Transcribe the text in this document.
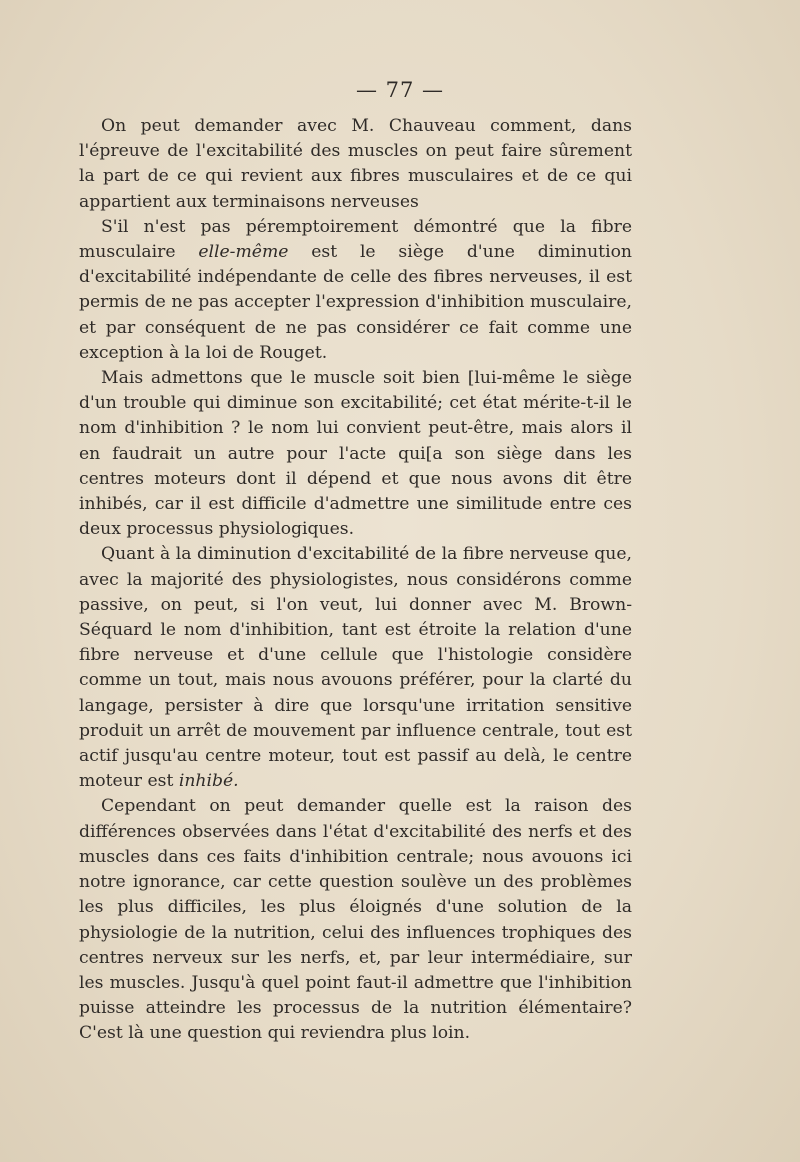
— 77 —

On peut demander avec M. Chauveau comment, dans l'épreuve de l'excitabilité des muscles on peut faire sûrement la part de ce qui revient aux fibres musculaires et de ce qui appartient aux terminaisons nerveuses

S'il n'est pas péremptoirement démontré que la fibre musculaire elle-même est le siège d'une diminution d'excitabilité indépendante de celle des fibres nerveuses, il est permis de ne pas accepter l'expression d'inhibition musculaire, et par conséquent de ne pas considérer ce fait comme une exception à la loi de Rouget.

Mais admettons que le muscle soit bien [lui-même le siège d'un trouble qui diminue son excitabilité; cet état mérite-t-il le nom d'inhibition ? le nom lui convient peut-être, mais alors il en faudrait un autre pour l'acte qui[a son siège dans les centres moteurs dont il dépend et que nous avons dit être inhibés, car il est difficile d'admettre une similitude entre ces deux processus physiologiques.

Quant à la diminution d'excitabilité de la fibre nerveuse que, avec la majorité des physiologistes, nous considérons comme passive, on peut, si l'on veut, lui donner avec M. Brown-Séquard le nom d'inhibition, tant est étroite la relation d'une fibre nerveuse et d'une cellule que l'histologie considère comme un tout, mais nous avouons préférer, pour la clarté du langage, persister à dire que lorsqu'une irritation sensitive produit un arrêt de mouvement par influence centrale, tout est actif jusqu'au centre moteur, tout est passif au delà, le centre moteur est inhibé.

Cependant on peut demander quelle est la raison des différences observées dans l'état d'excitabilité des nerfs et des muscles dans ces faits d'inhibition centrale; nous avouons ici notre ignorance, car cette question soulève un des problèmes les plus difficiles, les plus éloignés d'une solution de la physiologie de la nutrition, celui des influences trophiques des centres nerveux sur les nerfs, et, par leur intermédiaire, sur les muscles. Jusqu'à quel point faut-il admettre que l'inhibition puisse atteindre les processus de la nutrition élémentaire? C'est là une question qui reviendra plus loin.
